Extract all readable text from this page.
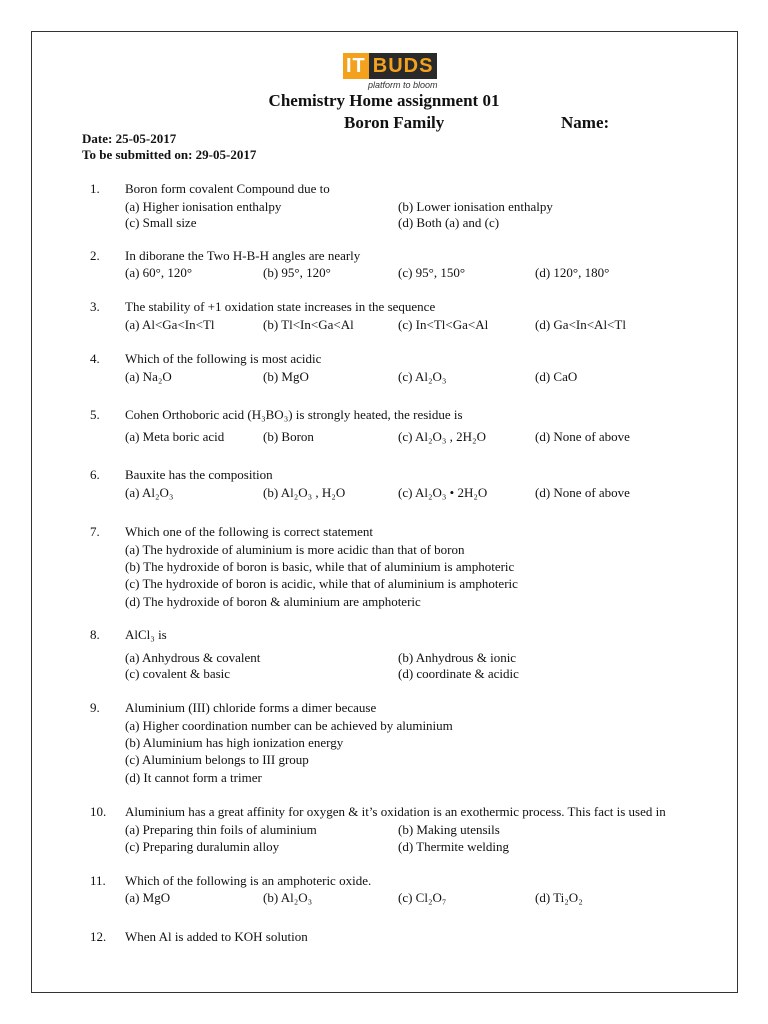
IT BUDS
platform to bloom
Chemistry Home assignment 01
Boron Family	Name:
Date: 25-05-2017
To be submitted on: 29-05-2017
1. Boron form covalent Compound due to
(a) Higher ionisation enthalpy	(b) Lower ionisation enthalpy
(c) Small size	(d) Both (a) and (c)
2. In diborane the Two H-B-H angles are nearly
(a) 60°, 120°	(b) 95°, 120°	(c) 95°, 150°	(d) 120°, 180°
3. The stability of +1 oxidation state increases in the sequence
(a) Al<Ga<In<Tl	(b) Tl<In<Ga<Al	(c) In<Tl<Ga<Al	(d) Ga<In<Al<Tl
4. Which of the following is most acidic
(a) Na₂O	(b) MgO	(c) Al₂O₃	(d) CaO
5. Cohen Orthoboric acid (H₃BO₃) is strongly heated, the residue is
(a) Meta boric acid	(b) Boron	(c) Al₂O₃ , 2H₂O	(d) None of above
6. Bauxite has the composition
(a) Al₂O₃	(b) Al₂O₃ , H₂O	(c) Al₂O₃ • 2H₂O	(d) None of above
7. Which one of the following is correct statement
(a) The hydroxide of aluminium is more acidic than that of boron
(b) The hydroxide of boron is basic, while that of aluminium is amphoteric
(c) The hydroxide of boron is acidic, while that of aluminium is amphoteric
(d) The hydroxide of boron & aluminium are amphoteric
8. AlCl₃ is
(a) Anhydrous & covalent	(b) Anhydrous & ionic
(c) covalent & basic	(d) coordinate & acidic
9. Aluminium (III) chloride forms a dimer because
(a) Higher coordination number can be achieved by aluminium
(b) Aluminium has high ionization energy
(c) Aluminium belongs to III group
(d) It cannot form a trimer
10. Aluminium has a great affinity for oxygen & it’s oxidation is an exothermic process. This fact is used in
(a) Preparing thin foils of aluminium	(b) Making utensils
(c) Preparing duralumin alloy	(d) Thermite welding
11. Which of the following is an amphoteric oxide.
(a) MgO	(b) Al₂O₃	(c) Cl₂O₇	(d) Ti₂O₂
12. When Al is added to KOH solution
